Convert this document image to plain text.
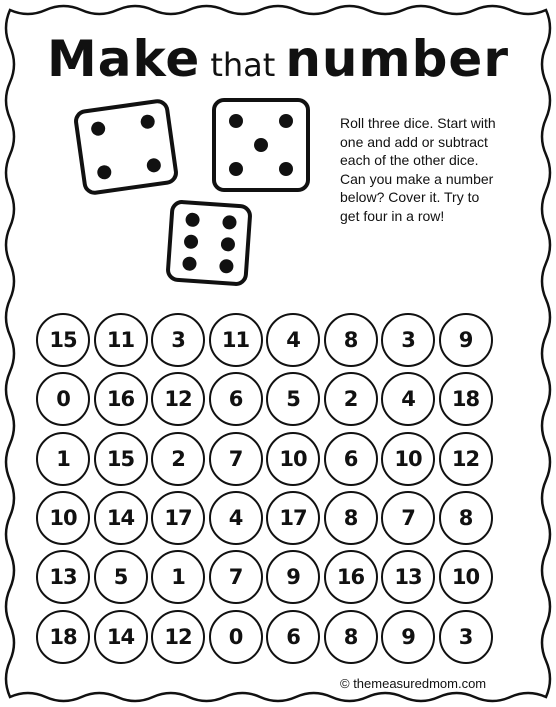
Make that number
Roll three dice. Start with one and add or subtract each of the other dice. Can you make a number below? Cover it. Try to get four in a row!
15	11	3	11	4	8	3	9
0	16	12	6	5	2	4	18
1	15	2	7	10	6	10	12
10	14	17	4	17	8	7	8
13	5	1	7	9	16	13	10
18	14	12	0	6	8	9	3
© themeasuredmom.com
